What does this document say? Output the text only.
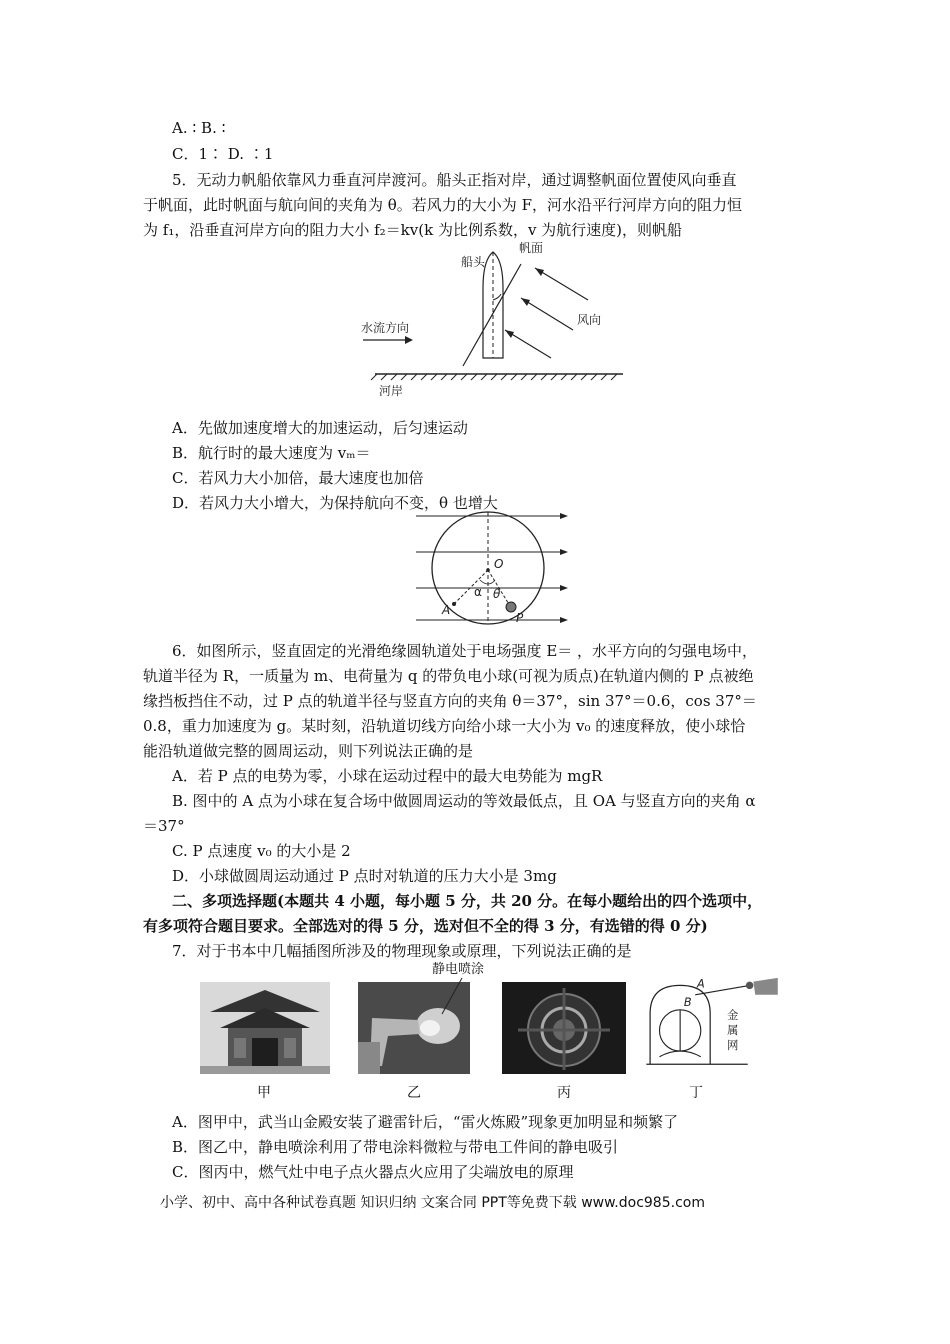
A. ∶ B. ∶
C．1∶ D. ∶1
5．无动力帆船依靠风力垂直河岸渡河。船头正指对岸，通过调整帆面位置使风向垂直
于帆面，此时帆面与航向间的夹角为 θ。若风力的大小为 F，河水沿平行河岸方向的阻力恒
为 f₁，沿垂直河岸方向的阻力大小 f₂＝kv(k 为比例系数，v 为航行速度)，则帆船
船头
帆面
水流方向
风向
河岸
A．先做加速度增大的加速运动，后匀速运动
B．航行时的最大速度为 vₘ＝
C．若风力大小加倍，最大速度也加倍
D．若风力大小增大，为保持航向不变，θ 也增大
O
A
P
α θ
6．如图所示，竖直固定的光滑绝缘圆轨道处于电场强度 E＝ ，水平方向的匀强电场中，
轨道半径为 R，一质量为 m、电荷量为 q 的带负电小球(可视为质点)在轨道内侧的 P 点被绝
缘挡板挡住不动，过 P 点的轨道半径与竖直方向的夹角 θ＝37°，sin 37°＝0.6，cos 37°＝
0.8，重力加速度为 g。某时刻，沿轨道切线方向给小球一大小为 v₀ 的速度释放，使小球恰
能沿轨道做完整的圆周运动，则下列说法正确的是
A．若 P 点的电势为零，小球在运动过程中的最大电势能为 mgR
B. 图中的 A 点为小球在复合场中做圆周运动的等效最低点，且 OA 与竖直方向的夹角 α
＝37°
C. P 点速度 v₀ 的大小是 2
D．小球做圆周运动通过 P 点时对轨道的压力大小是 3mg
二、多项选择题(本题共 4 小题，每小题 5 分，共 20 分。在每小题给出的四个选项中，
有多项符合题目要求。全部选对的得 5 分，选对但不全的得 3 分，有选错的得 0 分)
7．对于书本中几幅插图所涉及的物理现象或原理，下列说法正确的是
A
B
金
属
网
静电喷涂
甲	乙	丙	丁
A．图甲中，武当山金殿安装了避雷针后，“雷火炼殿”现象更加明显和频繁了
B．图乙中，静电喷涂利用了带电涂料微粒与带电工件间的静电吸引
C．图丙中，燃气灶中电子点火器点火应用了尖端放电的原理
小学、初中、高中各种试卷真题 知识归纳 文案合同 PPT等免费下载 www.doc985.com
